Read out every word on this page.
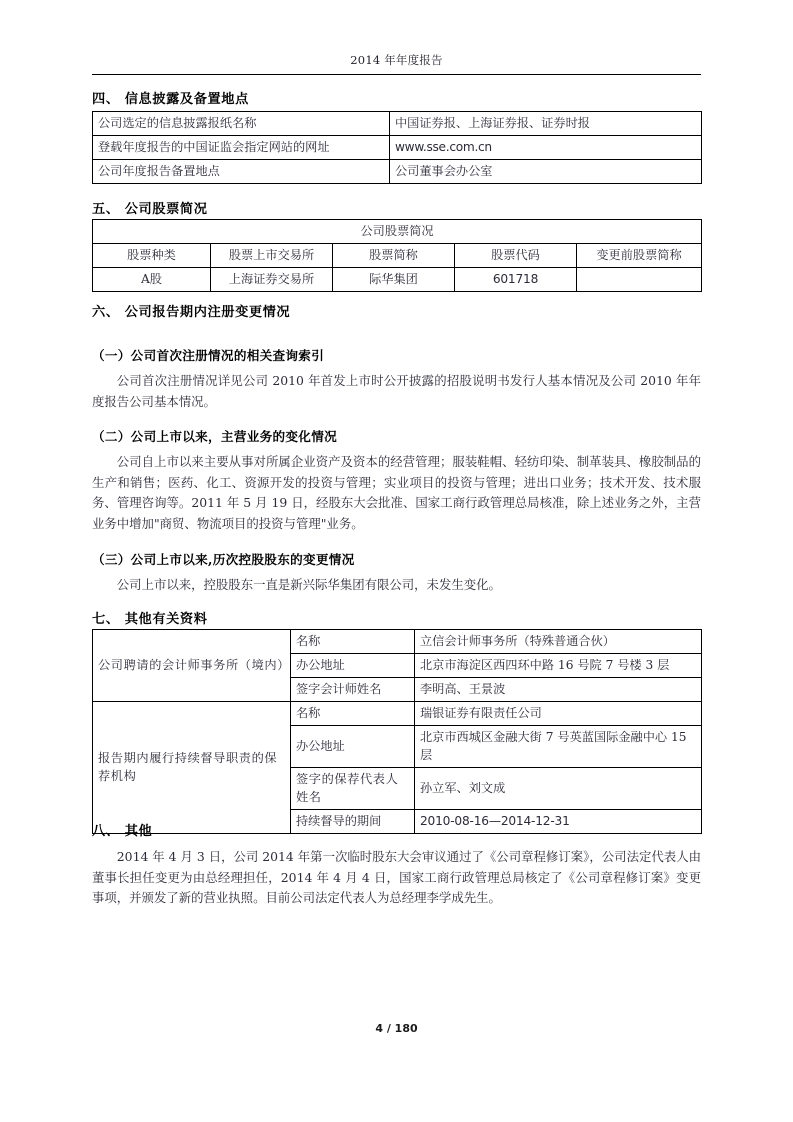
2014 年年度报告
四、 信息披露及备置地点
公司选定的信息披露报纸名称	中国证券报、上海证券报、证券时报
登载年度报告的中国证监会指定网站的网址	www.sse.com.cn
公司年度报告备置地点	公司董事会办公室
五、 公司股票简况
公司股票简况				
股票种类	股票上市交易所	股票简称	股票代码	变更前股票简称
A股	上海证券交易所	际华集团	601718	
六、 公司报告期内注册变更情况
（一）公司首次注册情况的相关查询索引

公司首次注册情况详见公司 2010 年首发上市时公开披露的招股说明书发行人基本情况及公司 2010 年年度报告公司基本情况。

（二）公司上市以来，主营业务的变化情况

公司自上市以来主要从事对所属企业资产及资本的经营管理；服装鞋帽、轻纺印染、制革装具、橡胶制品的生产和销售；医药、化工、资源开发的投资与管理；实业项目的投资与管理；进出口业务；技术开发、技术服务、管理咨询等。2011 年 5 月 19 日，经股东大会批准、国家工商行政管理总局核准，除上述业务之外，主营业务中增加"商贸、物流项目的投资与管理"业务。

（三）公司上市以来,历次控股股东的变更情况

公司上市以来，控股股东一直是新兴际华集团有限公司，未发生变化。

七、 其他有关资料
公司聘请的会计师事务所（境内）	名称	立信会计师事务所（特殊普通合伙）
	办公地址	北京市海淀区西四环中路 16 号院 7 号楼 3 层
	签字会计师姓名	李明高、王景波
报告期内履行持续督导职责的保荐机构	名称	瑞银证券有限责任公司
	办公地址	北京市西城区金融大街 7 号英蓝国际金融中心 15 层
	签字的保荐代表人姓名	孙立军、刘文成
	持续督导的期间	2010-08-16—2014-12-31
八、 其他

2014 年 4 月 3 日，公司 2014 年第一次临时股东大会审议通过了《公司章程修订案》，公司法定代表人由董事长担任变更为由总经理担任，2014 年 4 月 4 日，国家工商行政管理总局核定了《公司章程修订案》变更事项，并颁发了新的营业执照。目前公司法定代表人为总经理李学成先生。

4 / 180
